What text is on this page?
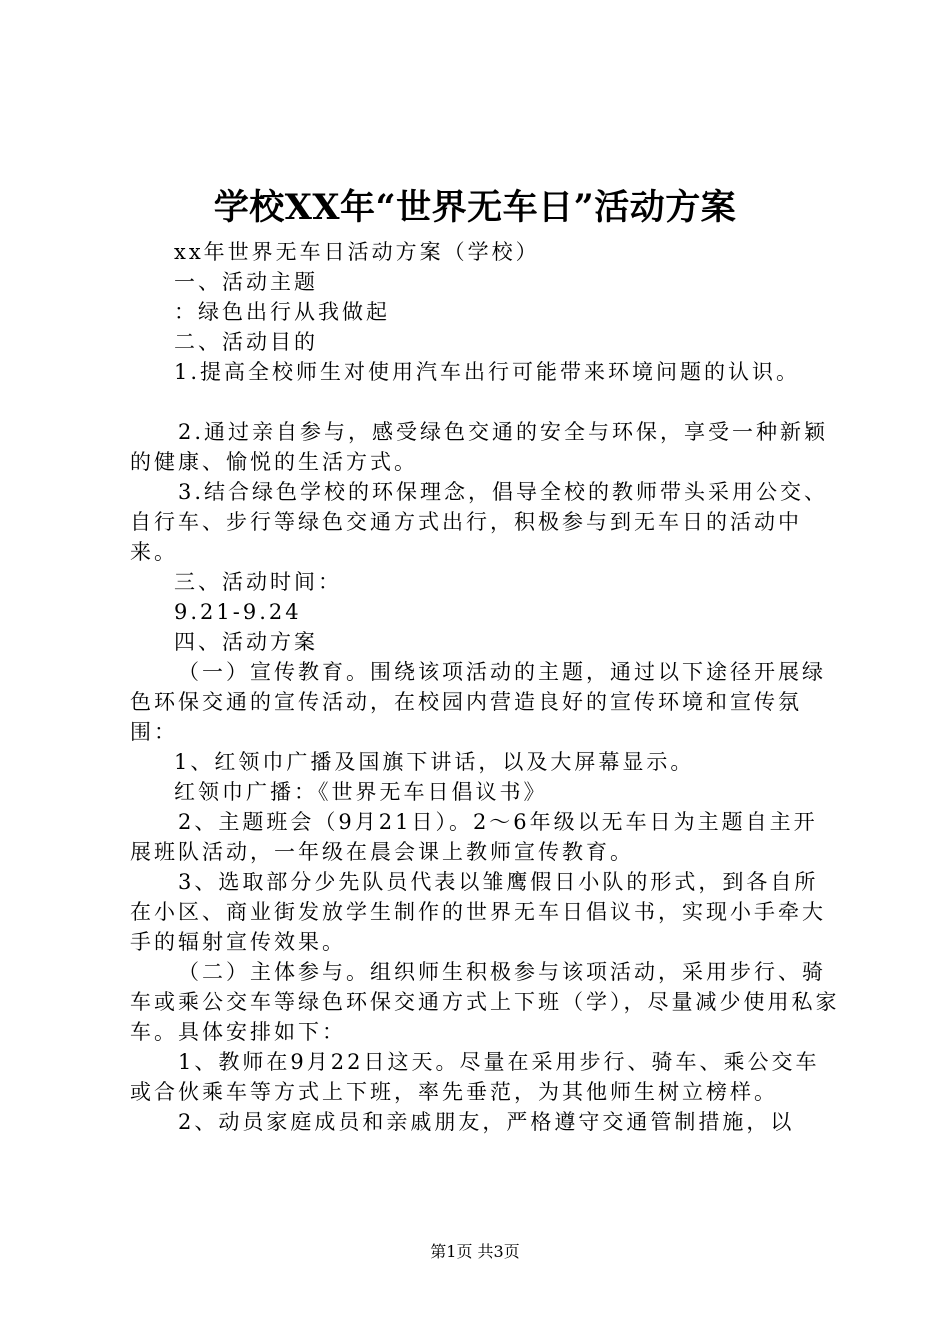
学校XX年“世界无车日”活动方案

xx年世界无车日活动方案（学校）

一、活动主题

：绿色出行从我做起

二、活动目的

1.提高全校师生对使用汽车出行可能带来环境问题的认识。

2.通过亲自参与，感受绿色交通的安全与环保，享受一种新颖的健康、愉悦的生活方式。

3.结合绿色学校的环保理念，倡导全校的教师带头采用公交、自行车、步行等绿色交通方式出行，积极参与到无车日的活动中来。

三、活动时间：

9.21-9.24

四、活动方案

（一）宣传教育。围绕该项活动的主题，通过以下途径开展绿色环保交通的宣传活动，在校园内营造良好的宣传环境和宣传氛围：

1、红领巾广播及国旗下讲话，以及大屏幕显示。

红领巾广播：《世界无车日倡议书》

2、主题班会（9月21日）。2～6年级以无车日为主题自主开展班队活动，一年级在晨会课上教师宣传教育。

3、选取部分少先队员代表以雏鹰假日小队的形式，到各自所在小区、商业街发放学生制作的世界无车日倡议书，实现小手牵大手的辐射宣传效果。

（二）主体参与。组织师生积极参与该项活动，采用步行、骑车或乘公交车等绿色环保交通方式上下班（学），尽量减少使用私家车。具体安排如下：

1、教师在9月22日这天。尽量在采用步行、骑车、乘公交车或合伙乘车等方式上下班，率先垂范，为其他师生树立榜样。

2、动员家庭成员和亲戚朋友，严格遵守交通管制措施，以

第1页 共3页
